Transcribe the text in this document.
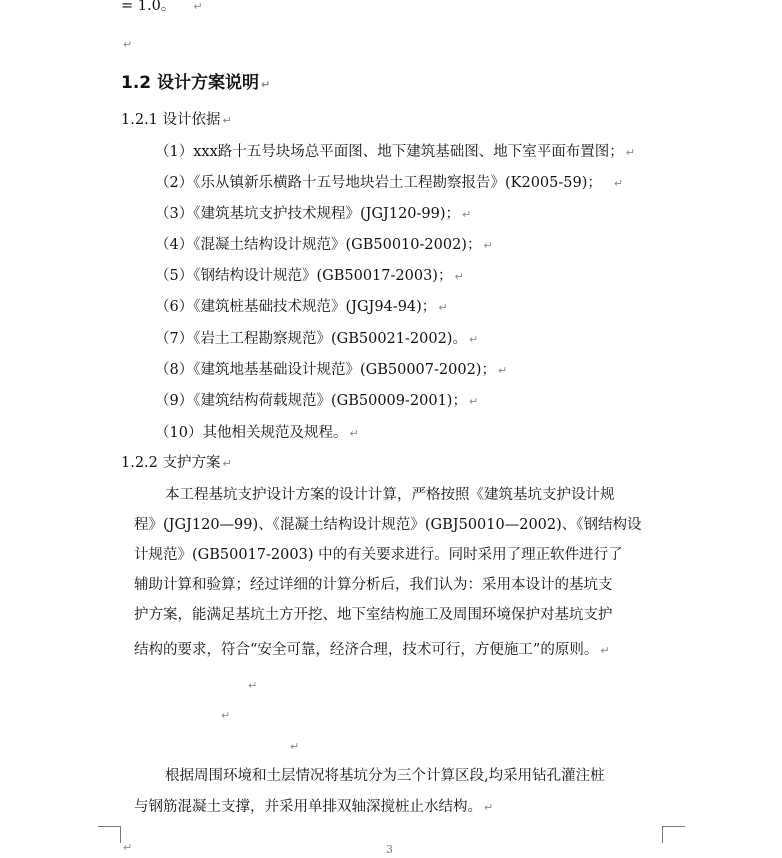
= 1.0。 ↵
↵
1.2 设计方案说明 ↵
1.2.1 设计依据 ↵
（1）xxx路十五号块场总平面图、地下建筑基础图、地下室平面布置图； ↵
（2）《乐从镇新乐横路十五号地块岩土工程勘察报告》(K2005-59)； ↵
（3）《建筑基坑支护技术规程》(JGJ120-99)； ↵
（4）《混凝土结构设计规范》(GB50010-2002)； ↵
（5）《钢结构设计规范》(GB50017-2003)； ↵
（6）《建筑桩基础技术规范》(JGJ94-94)； ↵
（7）《岩土工程勘察规范》(GB50021-2002)。 ↵
（8）《建筑地基基础设计规范》(GB50007-2002)； ↵
（9）《建筑结构荷载规范》(GB50009-2001)； ↵
（10）其他相关规范及规程。 ↵
1.2.2 支护方案 ↵
本工程基坑支护设计方案的设计计算，严格按照《建筑基坑支护设计规
程》(JGJ120—99)、《混凝土结构设计规范》(GBJ50010—2002)、《钢结构设
计规范》(GB50017-2003) 中的有关要求进行。同时采用了理正软件进行了
辅助计算和验算；经过详细的计算分析后，我们认为：采用本设计的基坑支
护方案，能满足基坑土方开挖、地下室结构施工及周围环境保护对基坑支护
结构的要求，符合“安全可靠，经济合理，技术可行，方便施工”的原则。 ↵
↵
↵
↵
根据周围环境和土层情况将基坑分为三个计算区段,均采用钻孔灌注桩
与钢筋混凝土支撑，并采用单排双轴深搅桩止水结构。 ↵
↵	3
